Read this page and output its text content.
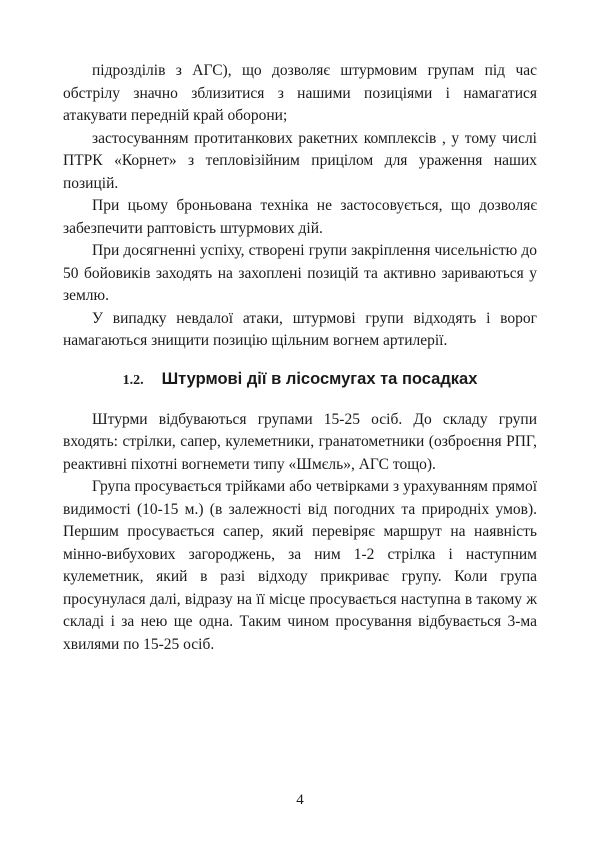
підрозділів з АГС), що дозволяє штурмовим групам під час обстрілу значно зблизитися з нашими позиціями і намагатися атакувати передній край оборони;

застосуванням протитанкових ракетних комплексів , у тому числі ПТРК «Корнет» з тепловізійним прицілом для ураження наших позицій.

При цьому броньована техніка не застосовується, що дозволяє забезпечити раптовість штурмових дій.

При досягненні успіху, створені групи закріплення чисельністю до 50 бойовиків заходять на захоплені позицій та активно зариваються у землю.

У випадку невдалої атаки, штурмові групи відходять і ворог намагаються знищити позицію щільним вогнем артилерії.

1.2. Штурмові дії в лісосмугах та посадках

Штурми відбуваються групами 15-25 осіб. До складу групи входять: стрілки, сапер, кулеметники, гранатометники (озброєння РПГ, реактивні піхотні вогнемети типу «Шмєль», АГС тощо).

Група просувається трійками або четвірками з урахуванням прямої видимості (10-15 м.) (в залежності від погодних та природніх умов). Першим просувається сапер, який перевіряє маршрут на наявність мінно-вибухових загороджень, за ним 1-2 стрілка і наступним кулеметник, який в разі відходу прикриває групу. Коли група просунулася далі, відразу на її місце просувається наступна в такому ж складі і за нею ще одна. Таким чином просування відбувається 3-ма хвилями по 15-25 осіб.

4
